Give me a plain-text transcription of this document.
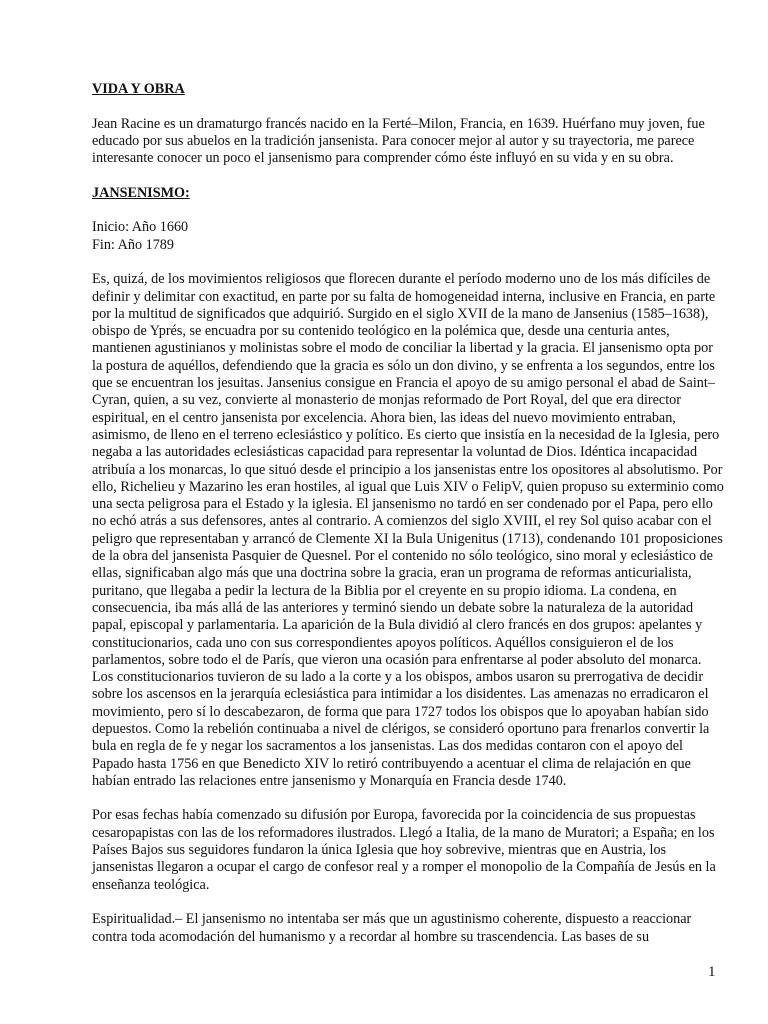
VIDA Y OBRA

Jean Racine es un dramaturgo francés nacido en la Ferté–Milon, Francia, en 1639. Huérfano muy joven, fue educado por sus abuelos en la tradición jansenista. Para conocer mejor al autor y su trayectoria, me parece interesante conocer un poco el jansenismo para comprender cómo éste influyó en su vida y en su obra.

JANSENISMO:

Inicio: Año 1660

Fin: Año 1789

Es, quizá, de los movimientos religiosos que florecen durante el período moderno uno de los más difíciles de definir y delimitar con exactitud, en parte por su falta de homogeneidad interna, inclusive en Francia, en parte por la multitud de significados que adquirió. Surgido en el siglo XVII de la mano de Jansenius (1585–1638), obispo de Yprés, se encuadra por su contenido teológico en la polémica que, desde una centuria antes, mantienen agustinianos y molinistas sobre el modo de conciliar la libertad y la gracia. El jansenismo opta por la postura de aquéllos, defendiendo que la gracia es sólo un don divino, y se enfrenta a los segundos, entre los que se encuentran los jesuitas. Jansenius consigue en Francia el apoyo de su amigo personal el abad de Saint–Cyran, quien, a su vez, convierte al monasterio de monjas reformado de Port Royal, del que era director espiritual, en el centro jansenista por excelencia. Ahora bien, las ideas del nuevo movimiento entraban, asimismo, de lleno en el terreno eclesiástico y político. Es cierto que insistía en la necesidad de la Iglesia, pero negaba a las autoridades eclesiásticas capacidad para representar la voluntad de Dios. Idéntica incapacidad atribuía a los monarcas, lo que situó desde el principio a los jansenistas entre los opositores al absolutismo. Por ello, Richelieu y Mazarino les eran hostiles, al igual que Luis XIV o FelipV, quien propuso su exterminio como una secta peligrosa para el Estado y la iglesia. El jansenismo no tardó en ser condenado por el Papa, pero ello no echó atrás a sus defensores, antes al contrario. A comienzos del siglo XVIII, el rey Sol quiso acabar con el peligro que representaban y arrancó de Clemente XI la Bula Unigenitus (1713), condenando 101 proposiciones de la obra del jansenista Pasquier de Quesnel. Por el contenido no sólo teológico, sino moral y eclesiástico de ellas, significaban algo más que una doctrina sobre la gracia, eran un programa de reformas anticurialista, puritano, que llegaba a pedir la lectura de la Biblia por el creyente en su propio idioma. La condena, en consecuencia, iba más allá de las anteriores y terminó siendo un debate sobre la naturaleza de la autoridad papal, episcopal y parlamentaria. La aparición de la Bula dividió al clero francés en dos grupos: apelantes y constitucionarios, cada uno con sus correspondientes apoyos políticos. Aquéllos consiguieron el de los parlamentos, sobre todo el de París, que vieron una ocasión para enfrentarse al poder absoluto del monarca. Los constitucionarios tuvieron de su lado a la corte y a los obispos, ambos usaron su prerrogativa de decidir sobre los ascensos en la jerarquía eclesiástica para intimidar a los disidentes. Las amenazas no erradicaron el movimiento, pero sí lo descabezaron, de forma que para 1727 todos los obispos que lo apoyaban habían sido depuestos. Como la rebelión continuaba a nivel de clérigos, se consideró oportuno para frenarlos convertir la bula en regla de fe y negar los sacramentos a los jansenistas. Las dos medidas contaron con el apoyo del Papado hasta 1756 en que Benedicto XIV lo retiró contribuyendo a acentuar el clima de relajación en que habían entrado las relaciones entre jansenismo y Monarquía en Francia desde 1740.

Por esas fechas había comenzado su difusión por Europa, favorecida por la coincidencia de sus propuestas cesaropapistas con las de los reformadores ilustrados. Llegó a Italia, de la mano de Muratori; a España; en los Países Bajos sus seguidores fundaron la única Iglesia que hoy sobrevive, mientras que en Austria, los jansenistas llegaron a ocupar el cargo de confesor real y a romper el monopolio de la Compañía de Jesús en la enseñanza teológica.

Espiritualidad.– El jansenismo no intentaba ser más que un agustinismo coherente, dispuesto a reaccionar contra toda acomodación del humanismo y a recordar al hombre su trascendencia. Las bases de su

1
